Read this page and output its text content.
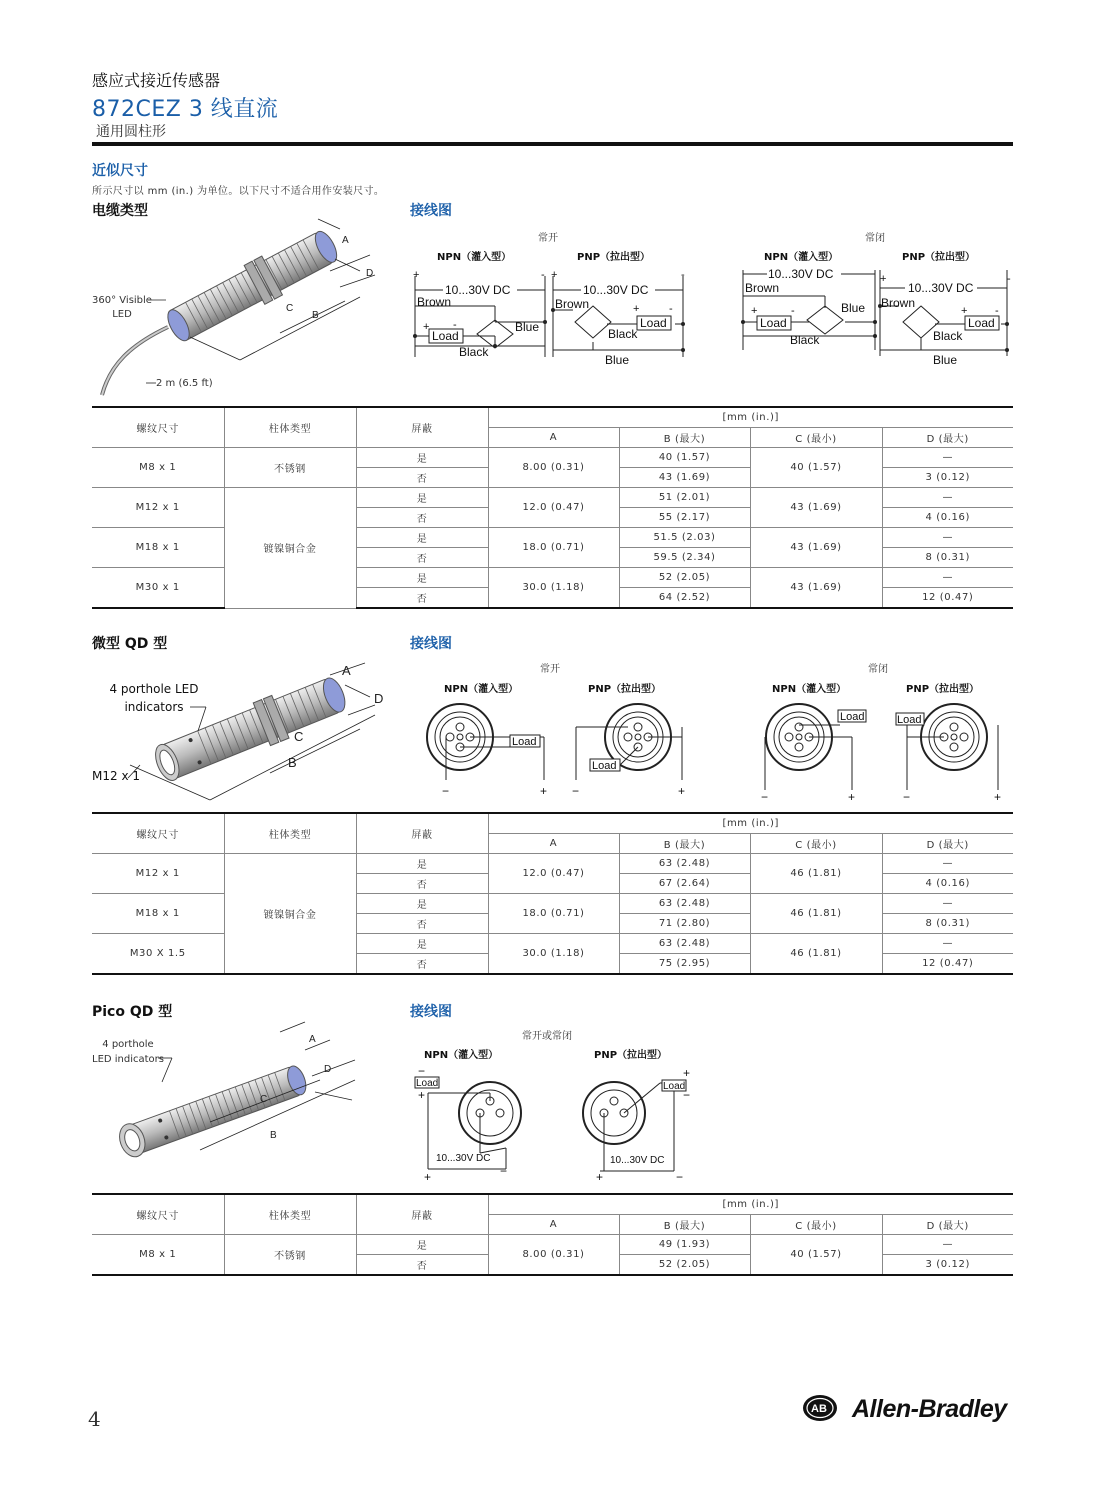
感应式接近传感器
872CEZ 3 线直流
通用圆柱形
近似尺寸
所示尺寸以 mm (in.) 为单位。以下尺寸不适合用作安装尺寸。
电缆类型	接线图
A
D
C
B
360° Visible LED
2 m (6.5 ft)
常开	常闭
NPN（灌入型）	PNP（拉出型）	NPN（灌入型）	PNP（拉出型）
Load
Load	Load	Load
10...30V DC	10...30V DC
10...30V DC
10...30V DC
Brown	Brown
Brown
Brown
Blue
Blue
Blue
Blue
Black
Black	Black	Black
+	- +	-	+	-
+ -
+	-	+	-	+	-
螺纹尺寸	柱体类型	屏蔽	[mm (in.)]			
			A	B (最大)	C (最小)	D (最大)
M8 x 1	不锈钢	是	8.00 (0.31)	40 (1.57)	40 (1.57)	—
		否		43 (1.69)		3 (0.12)
M12 x 1	镀镍铜合金	是	12.0 (0.47)	51 (2.01)	43 (1.69)	—
		否		55 (2.17)		4 (0.16)
M18 x 1		是	18.0 (0.71)	51.5 (2.03)	43 (1.69)	—
		否		59.5 (2.34)		8 (0.31)
M30 x 1		是	30.0 (1.18)	52 (2.05)	43 (1.69)	—
		否		64 (2.52)		12 (0.47)
微型 QD 型	接线图
A
D
C
B
4 porthole LED indicators
M12 x 1
常开	常闭
NPN（灌入型）	PNP（拉出型）	NPN（灌入型）	PNP（拉出型）
Load
Load
Load	Load
−	+ −	+	−	+	−	+
螺纹尺寸	柱体类型	屏蔽	[mm (in.)]			
			A	B (最大)	C (最小)	D (最大)
M12 x 1	镀镍铜合金	是	12.0 (0.47)	63 (2.48)	46 (1.81)	—
		否		67 (2.64)		4 (0.16)
M18 x 1		是	18.0 (0.71)	63 (2.48)	46 (1.81)	—
		否		71 (2.80)		8 (0.31)
M30 X 1.5		是	30.0 (1.18)	63 (2.48)	46 (1.81)	—
		否		75 (2.95)		12 (0.47)
Pico QD 型	接线图
A
D
C
B
4 porthole LED indicators
常开或常闭
NPN（灌入型）	PNP（拉出型）
Load	Load
10...30V DC	10...30V DC
−
+
+	−
+
−
+	−
螺纹尺寸	柱体类型	屏蔽	[mm (in.)]			
			A	B (最大)	C (最小)	D (最大)
M8 x 1	不锈钢	是	8.00 (0.31)	49 (1.93)	40 (1.57)	—
		否		52 (2.05)		3 (0.12)
4	AB Allen-Bradley
